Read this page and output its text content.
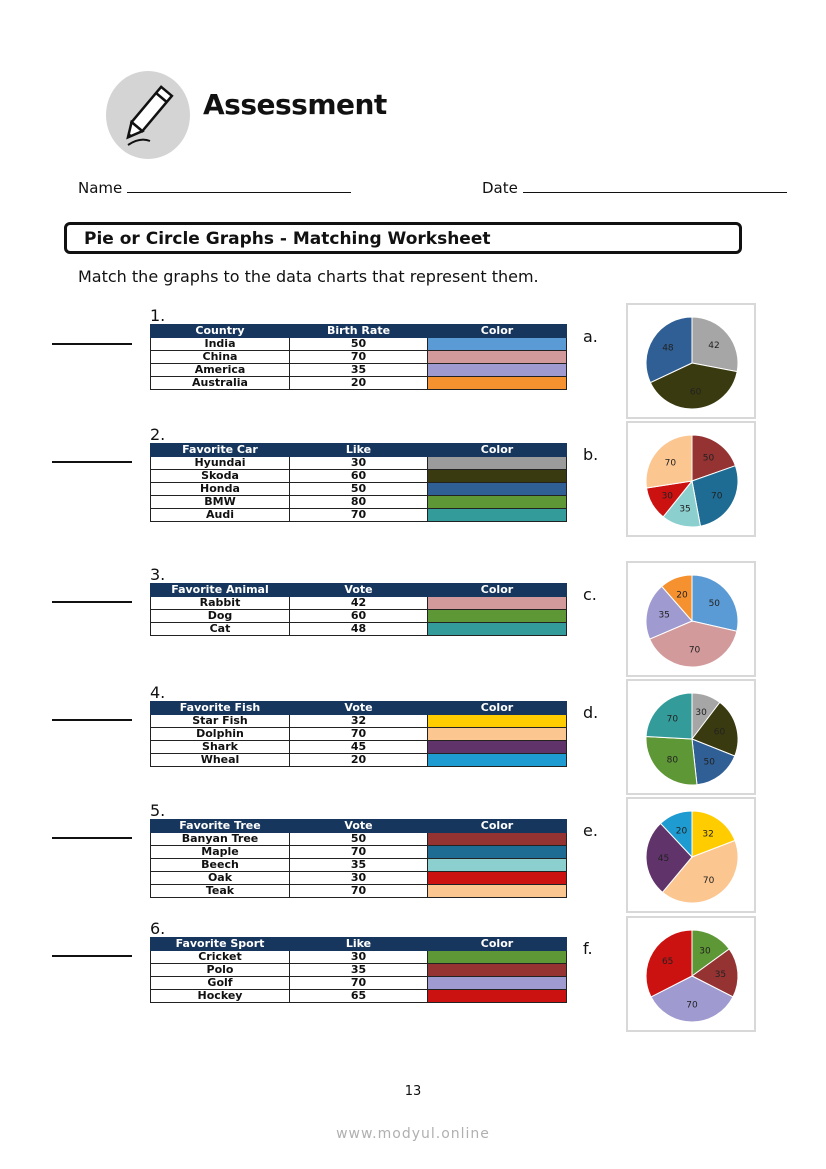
Assessment
Name	Date
Pie or Circle Graphs - Matching Worksheet
Match the graphs to the data charts that represent them.
1.
Country	Birth Rate	Color
India	50	
China	70	
America	35	
Australia	20	
2.
Favorite Car	Like	Color
Hyundai	30	
Skoda	60	
Honda	50	
BMW	80	
Audi	70	
3.
Favorite Animal	Vote	Color
Rabbit	42	
Dog	60	
Cat	48	
4.
Favorite Fish	Vote	Color
Star Fish	32	
Dolphin	70	
Shark	45	
Wheal	20	
5.
Favorite Tree	Vote	Color
Banyan Tree	50	
Maple	70	
Beech	35	
Oak	30	
Teak	70	
6.
Favorite Sport	Like	Color
Cricket	30	
Polo	35	
Golf	70	
Hockey	65	
a.	42
60
48
b.	50
70
35
30
70
c.
50
70
35
20
d.	30
60
50
80
70
e.	32
70
45
20
f.	30
35
70
65
13
www.modyul.online
